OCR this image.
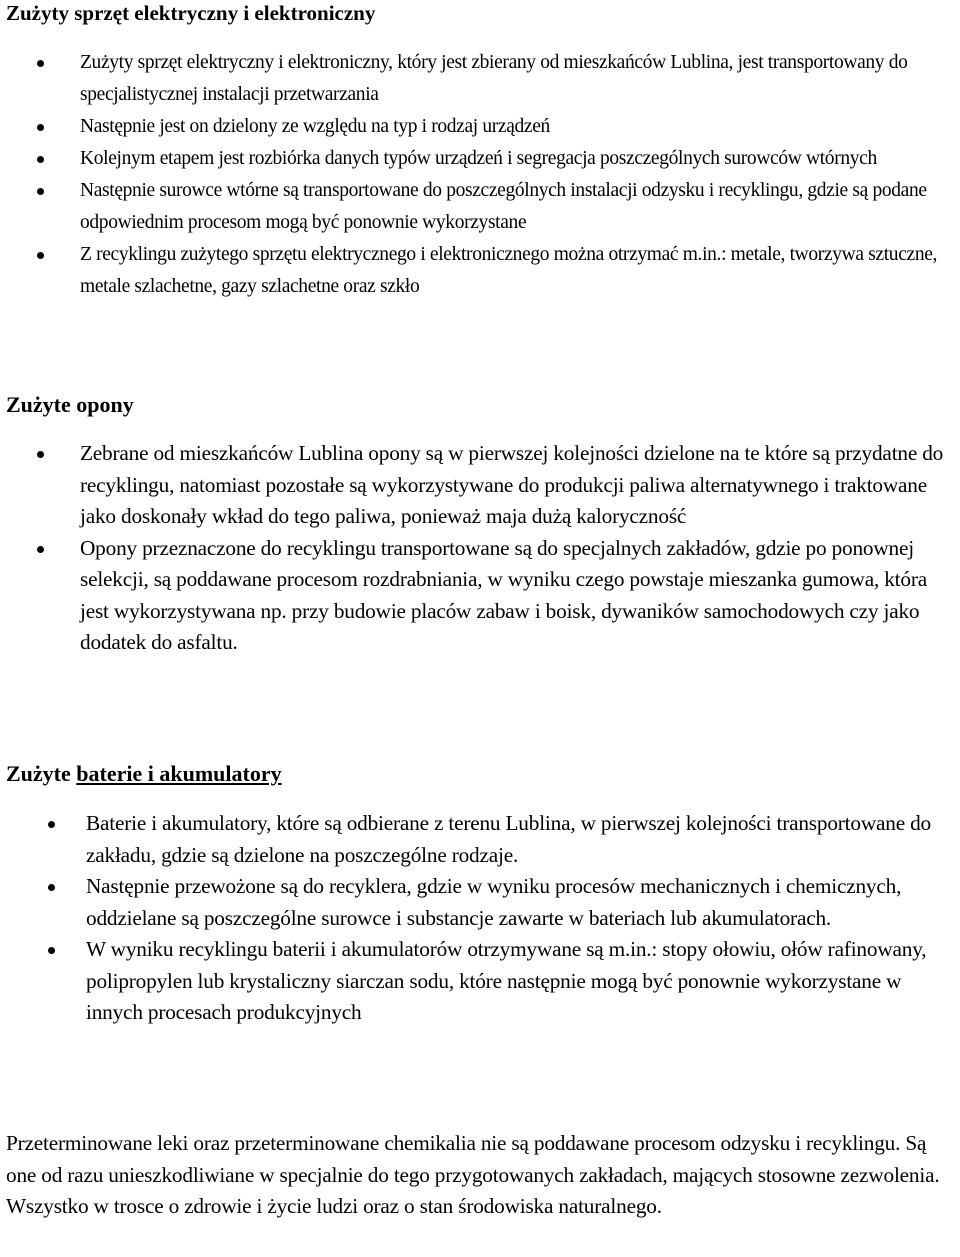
Zużyty sprzęt elektryczny i elektroniczny
Zużyty sprzęt elektryczny i elektroniczny, który jest zbierany od mieszkańców Lublina, jest transportowany do specjalistycznej instalacji przetwarzania
Następnie jest on dzielony ze względu na typ i rodzaj urządzeń
Kolejnym etapem jest rozbiórka danych typów urządzeń i segregacja poszczególnych surowców wtórnych
Następnie surowce wtórne są transportowane do poszczególnych instalacji odzysku i recyklingu, gdzie są podane odpowiednim procesom mogą być ponownie wykorzystane
Z recyklingu zużytego sprzętu elektrycznego i elektronicznego można otrzymać m.in.: metale, tworzywa sztuczne, metale szlachetne, gazy szlachetne oraz szkło
Zużyte opony
Zebrane od mieszkańców Lublina opony są w pierwszej kolejności dzielone na te które są przydatne do recyklingu, natomiast pozostałe są wykorzystywane do produkcji paliwa alternatywnego i traktowane jako doskonały wkład do tego paliwa, ponieważ maja dużą kaloryczność
Opony przeznaczone do recyklingu transportowane są do specjalnych zakładów, gdzie po ponownej selekcji, są poddawane procesom rozdrabniania, w wyniku czego powstaje mieszanka gumowa, która jest wykorzystywana np. przy budowie placów zabaw i boisk, dywaników samochodowych czy jako dodatek do asfaltu.
Zużyte baterie i akumulatory
Baterie i akumulatory, które są odbierane z terenu Lublina, w pierwszej kolejności transportowane do zakładu, gdzie są dzielone na poszczególne rodzaje.
Następnie przewożone są do recyklera, gdzie w wyniku procesów mechanicznych i chemicznych, oddzielane są poszczególne surowce i substancje zawarte w bateriach lub akumulatorach.
W wyniku recyklingu baterii i akumulatorów otrzymywane są m.in.: stopy ołowiu, ołów rafinowany, polipropylen lub krystaliczny siarczan sodu, które następnie mogą być ponownie wykorzystane w innych procesach produkcyjnych

Przeterminowane leki oraz przeterminowane chemikalia nie są poddawane procesom odzysku i recyklingu. Są one od razu unieszkodliwiane w specjalnie do tego przygotowanych zakładach, mających stosowne zezwolenia. Wszystko w trosce o zdrowie i życie ludzi oraz o stan środowiska naturalnego.
